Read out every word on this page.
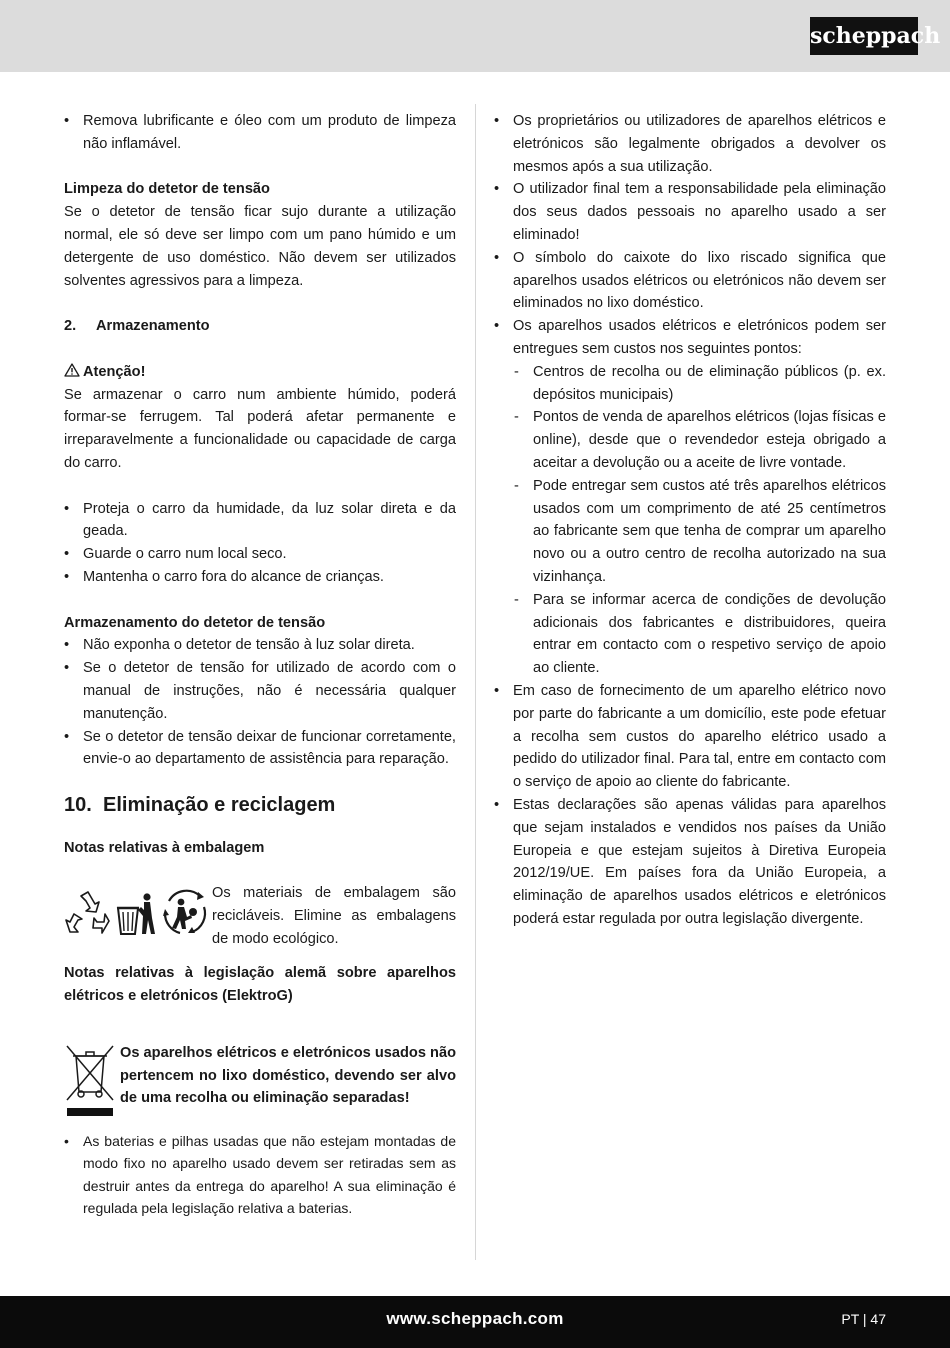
scheppach
• Remova lubrificante e óleo com um produto de limpeza não inflamável.

Limpeza do detetor de tensão

Se o detetor de tensão ficar sujo durante a utilização normal, ele só deve ser limpo com um pano húmido e um detergente de uso doméstico. Não devem ser utilizados solventes agressivos para a limpeza.

2. Armazenamento

Atenção!

Se armazenar o carro num ambiente húmido, poderá formar-se ferrugem. Tal poderá afetar permanente e irreparavelmente a funcionalidade ou capacidade de carga do carro.

• Proteja o carro da humidade, da luz solar direta e da geada.
• Guarde o carro num local seco.
• Mantenha o carro fora do alcance de crianças.

Armazenamento do detetor de tensão

• Não exponha o detetor de tensão à luz solar direta.
• Se o detetor de tensão for utilizado de acordo com o manual de instruções, não é necessária qualquer manutenção.
• Se o detetor de tensão deixar de funcionar corretamente, envie-o ao departamento de assistência para reparação.

10. Eliminação e reciclagem

Notas relativas à embalagem

Os materiais de embalagem são recicláveis. Elimine as embalagens de modo ecológico.

Notas relativas à legislação alemã sobre aparelhos elétricos e eletrónicos (ElektroG)

Os aparelhos elétricos e eletrónicos usados não pertencem no lixo doméstico, devendo ser alvo de uma recolha ou eliminação separadas!

• As baterias e pilhas usadas que não estejam montadas de modo fixo no aparelho usado devem ser retiradas sem as destruir antes da entrega do aparelho! A sua eliminação é regulada pela legislação relativa a baterias.
• Os proprietários ou utilizadores de aparelhos elétricos e eletrónicos são legalmente obrigados a devolver os mesmos após a sua utilização.
• O utilizador final tem a responsabilidade pela eliminação dos seus dados pessoais no aparelho usado a ser eliminado!
• O símbolo do caixote do lixo riscado significa que aparelhos usados elétricos ou eletrónicos não devem ser eliminados no lixo doméstico.
• Os aparelhos usados elétricos e eletrónicos podem ser entregues sem custos nos seguintes pontos:
- Centros de recolha ou de eliminação públicos (p. ex. depósitos municipais)
- Pontos de venda de aparelhos elétricos (lojas físicas e online), desde que o revendedor esteja obrigado a aceitar a devolução ou a aceite de livre vontade.
- Pode entregar sem custos até três aparelhos elétricos usados com um comprimento de até 25 centímetros ao fabricante sem que tenha de comprar um aparelho novo ou a outro centro de recolha autorizado na sua vizinhança.
- Para se informar acerca de condições de devolução adicionais dos fabricantes e distribuidores, queira entrar em contacto com o respetivo serviço de apoio ao cliente.
• Em caso de fornecimento de um aparelho elétrico novo por parte do fabricante a um domicílio, este pode efetuar a recolha sem custos do aparelho elétrico usado a pedido do utilizador final. Para tal, entre em contacto com o serviço de apoio ao cliente do fabricante.
• Estas declarações são apenas válidas para aparelhos que sejam instalados e vendidos nos países da União Europeia e que estejam sujeitos à Diretiva Europeia 2012/19/UE. Em países fora da União Europeia, a eliminação de aparelhos usados elétricos e eletrónicos poderá estar regulada por outra legislação divergente.
www.scheppach.com	PT | 47
